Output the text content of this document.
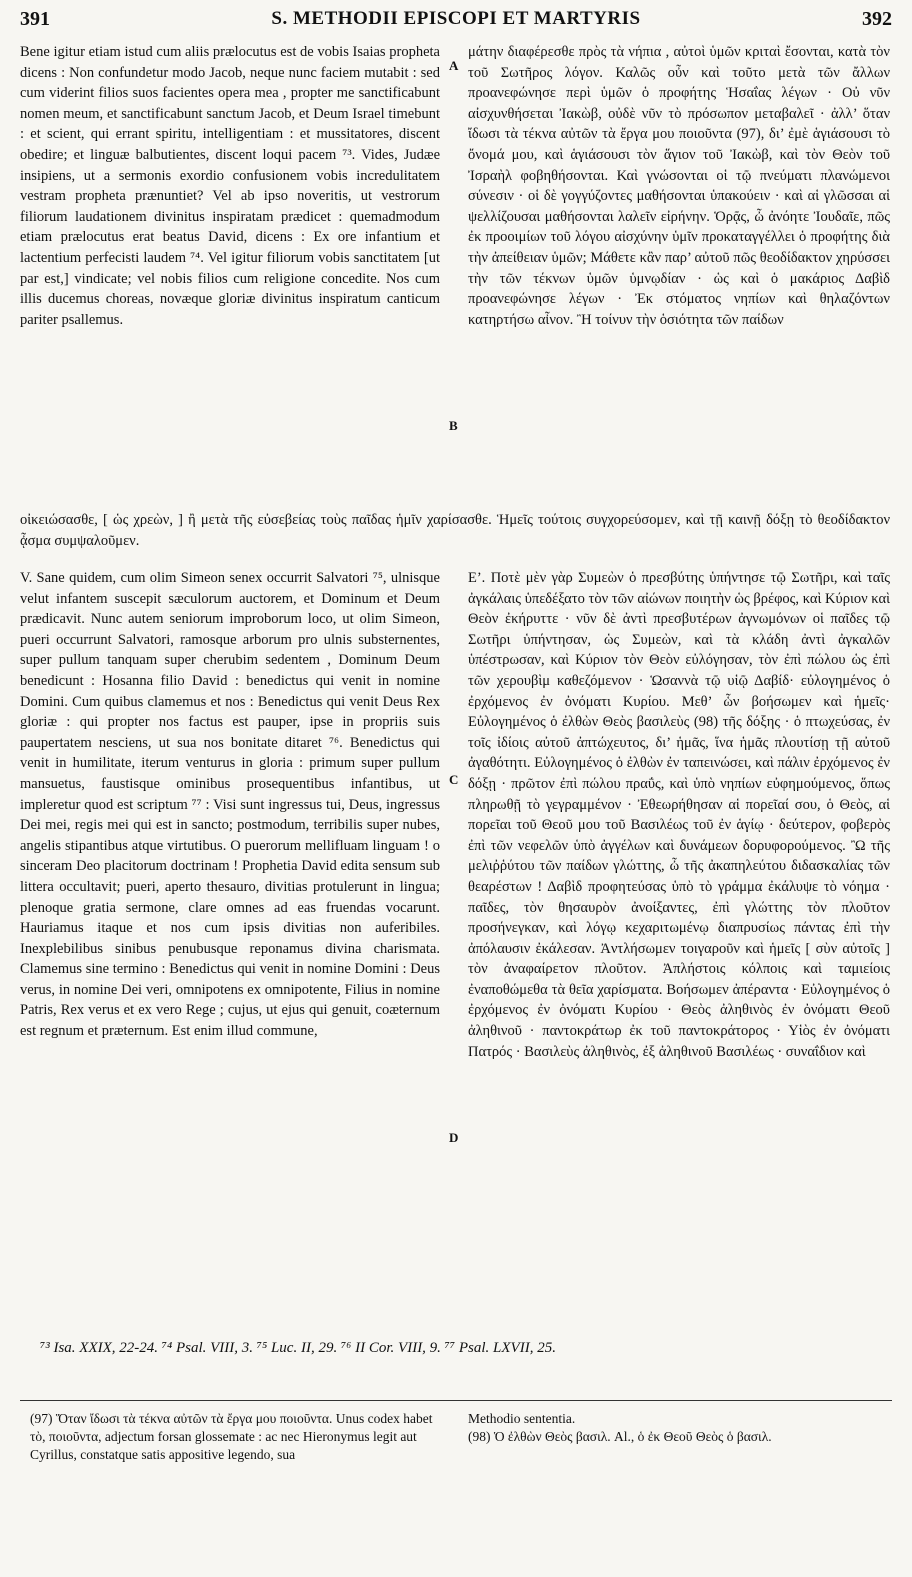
391	S. METHODII EPISCOPI ET MARTYRIS	392
Bene igitur etiam istud cum aliis prælocutus est de vobis Isaias propheta dicens : Non confundetur modo Jacob, neque nunc faciem mutabit : sed cum viderint filios suos facientes opera mea , propter me sanctificabunt nomen meum, et sanctificabunt sanctum Jacob, et Deum Israel timebunt : et scient, qui errant spiritu, intelligentiam : et mussitatores, discent obedire; et linguæ balbutientes, discent loqui pacem ⁷³. Vides, Judæe insipiens, ut a sermonis exordio confusionem vobis incredulitatem vestram propheta prænuntiet? Vel ab ipso noveritis, ut vestrorum filiorum laudationem divinitus inspiratam prædicet : quemadmodum etiam prælocutus erat beatus David, dicens : Ex ore infantium et lactentium perfecisti laudem ⁷⁴. Vel igitur filiorum vobis sanctitatem [ut par est,] vindicate; vel nobis filios cum religione concedite. Nos cum illis ducemus choreas, novæque gloriæ divinitus inspiratum canticum pariter psallemus.
μάτην διαφέρεσθε πρὸς τὰ νήπια , αὐτοὶ ὑμῶν κριταὶ ἔσονται, κατὰ τὸν τοῦ Σωτῆρος λόγον. Καλῶς οὖν καὶ τοῦτο μετὰ τῶν ἄλλων προανεφώνησε περὶ ὑμῶν ὁ προφήτης Ἡσαΐας λέγων · Οὐ νῦν αἰσχυνθήσεται Ἰακὼβ, οὐδὲ νῦν τὸ πρόσωπον μεταβαλεῖ · ἀλλ’ ὅταν ἴδωσι τὰ τέκνα αὐτῶν τὰ ἔργα μου ποιοῦντα (97), δι’ ἐμὲ ἁγιάσουσι τὸ ὄνομά μου, καὶ ἁγιάσουσι τὸν ἅγιον τοῦ Ἰακὼβ, καὶ τὸν Θεὸν τοῦ Ἰσραὴλ φοβηθήσονται. Καὶ γνώσονται οἱ τῷ πνεύματι πλανώμενοι σύνεσιν · οἱ δὲ γογγύζοντες μαθήσονται ὑπακούειν · καὶ αἱ γλῶσσαι αἱ ψελλίζουσαι μαθήσονται λαλεῖν εἰρήνην. Ὁρᾷς, ὦ ἀνόητε Ἰουδαῖε, πῶς ἐκ προοιμίων τοῦ λόγου αἰσχύνην ὑμῖν προκαταγγέλλει ὁ προφήτης διὰ τὴν ἀπείθειαν ὑμῶν; Μάθετε κἂν παρ’ αὐτοῦ πῶς θεοδίδακτον χηρύσσει τὴν τῶν τέκνων ὑμῶν ὑμνῳδίαν · ὡς καὶ ὁ μακάριος Δαβὶδ προανεφώνησε λέγων · Ἐκ στόματος νηπίων καὶ θηλαζόντων κατηρτήσω αἶνον. Ἢ τοίνυν τὴν ὁσιότητα τῶν παίδων
οἰκειώσασθε, [ ὡς χρεὼν, ] ἢ μετὰ τῆς εὐσεβείας τοὺς παῖδας ἡμῖν χαρίσασθε. Ἡμεῖς τούτοις συγχορεύσομεν, καὶ τῇ καινῇ δόξῃ τὸ θεοδίδακτον ᾆσμα συμψαλοῦμεν.
V. Sane quidem, cum olim Simeon senex occurrit Salvatori ⁷⁵, ulnisque velut infantem suscepit sæculorum auctorem, et Dominum et Deum prædicavit. Nunc autem seniorum improborum loco, ut olim Simeon, pueri occurrunt Salvatori, ramosque arborum pro ulnis substernentes, super pullum tanquam super cherubim sedentem , Dominum Deum benedicunt : Hosanna filio David : benedictus qui venit in nomine Domini. Cum quibus clamemus et nos : Benedictus qui venit Deus Rex gloriæ : qui propter nos factus est pauper, ipse in propriis suis paupertatem nesciens, ut sua nos bonitate ditaret ⁷⁶. Benedictus qui venit in humilitate, iterum venturus in gloria : primum super pullum mansuetus, faustisque ominibus prosequentibus infantibus, ut impleretur quod est scriptum ⁷⁷ : Visi sunt ingressus tui, Deus, ingressus Dei mei, regis mei qui est in sancto; postmodum, terribilis super nubes, angelis stipantibus atque virtutibus. O puerorum mellifluam linguam ! o sinceram Deo placitorum doctrinam ! Prophetia David edita sensum sub littera occultavit; pueri, aperto thesauro, divitias protulerunt in lingua; plenoque gratia sermone, clare omnes ad eas fruendas vocarunt. Hauriamus itaque et nos cum ipsis divitias non auferibiles. Inexplebilibus sinibus penubusque reponamus divina charismata. Clamemus sine termino : Benedictus qui venit in nomine Domini : Deus verus, in nomine Dei veri, omnipotens ex omnipotente, Filius in nomine Patris, Rex verus et ex vero Rege ; cujus, ut ejus qui genuit, coæternum est regnum et præternum. Est enim illud commune,
Ε’. Ποτὲ μὲν γὰρ Συμεὼν ὁ πρεσβύτης ὑπήντησε τῷ Σωτῆρι, καὶ ταῖς ἀγκάλαις ὑπεδέξατο τὸν τῶν αἰώνων ποιητὴν ὡς βρέφος, καὶ Κύριον καὶ Θεὸν ἐκήρυττε · νῦν δὲ ἀντὶ πρεσβυτέρων ἀγνωμόνων οἱ παῖδες τῷ Σωτῆρι ὑπήντησαν, ὡς Συμεὼν, καὶ τὰ κλάδη ἀντὶ ἀγκαλῶν ὑπέστρωσαν, καὶ Κύριον τὸν Θεὸν εὐλόγησαν, τὸν ἐπὶ πώλου ὡς ἐπὶ τῶν χερουβὶμ καθεζόμενον · Ὡσαννὰ τῷ υἱῷ Δαβίδ· εὐλογημένος ὁ ἐρχόμενος ἐν ὀνόματι Κυρίου. Μεθ’ ὧν βοήσωμεν καὶ ἡμεῖς· Εὐλογημένος ὁ ἐλθὼν Θεὸς βασιλεὺς (98) τῆς δόξης · ὁ πτωχεύσας, ἐν τοῖς ἰδίοις αὐτοῦ ἀπτώχευτος, δι’ ἡμᾶς, ἵνα ἡμᾶς πλουτίσῃ τῇ αὐτοῦ ἀγαθότητι. Εὐλογημένος ὁ ἐλθὼν ἐν ταπεινώσει, καὶ πάλιν ἐρχόμενος ἐν δόξῃ · πρῶτον ἐπὶ πώλου πραΰς, καὶ ὑπὸ νηπίων εὐφημούμενος, ὅπως πληρωθῇ τὸ γεγραμμένον · Ἐθεωρήθησαν αἱ πορεῖαί σου, ὁ Θεὸς, αἱ πορεῖαι τοῦ Θεοῦ μου τοῦ Βασιλέως τοῦ ἐν ἁγίῳ · δεύτερον, φοβερὸς ἐπὶ τῶν νεφελῶν ὑπὸ ἀγγέλων καὶ δυνάμεων δορυφορούμενος. Ὢ τῆς μελιῤῥύτου τῶν παίδων γλώττης, ὦ τῆς ἀκαπηλεύτου διδασκαλίας τῶν θεαρέστων ! Δαβὶδ προφητεύσας ὑπὸ τὸ γράμμα ἐκάλυψε τὸ νόημα · παῖδες, τὸν θησαυρὸν ἀνοίξαντες, ἐπὶ γλώττης τὸν πλοῦτον προσήνεγκαν, καὶ λόγῳ κεχαριτωμένῳ διαπρυσίως πάντας ἐπὶ τὴν ἀπόλαυσιν ἐκάλεσαν. Ἀντλήσωμεν τοιγαροῦν καὶ ἡμεῖς [ σὺν αὐτοῖς ] τὸν ἀναφαίρετον πλοῦτον. Ἀπλήστοις κόλποις καὶ ταμιείοις ἐναποθώμεθα τὰ θεῖα χαρίσματα. Βοήσωμεν ἀπέραντα · Εὐλογημένος ὁ ἐρχόμενος ἐν ὀνόματι Κυρίου · Θεὸς ἀληθινὸς ἐν ὀνόματι Θεοῦ ἀληθινοῦ · παντοκράτωρ ἐκ τοῦ παντοκράτορος · Υἱὸς ἐν ὀνόματι Πατρός · Βασιλεὺς ἀληθινὸς, ἐξ ἀληθινοῦ Βασιλέως · συναΐδιον καὶ
A
B
C
D
⁷³ Isa. XXIX, 22-24. ⁷⁴ Psal. VIII, 3. ⁷⁵ Luc. II, 29. ⁷⁶ II Cor. VIII, 9. ⁷⁷ Psal. LXVII, 25.
(97) Ὅταν ἴδωσι τὰ τέκνα αὐτῶν τὰ ἔργα μου ποιοῦντα. Unus codex habet τὸ, ποιοῦντα, adjectum forsan glossemate : ac nec Hieronymus legit aut Cyrillus, constatque satis appositive legendo, sua
Methodio sententia.
(98) Ὁ ἐλθὼν Θεὸς βασιλ. Al., ὁ ἐκ Θεοῦ Θεὸς ὁ βασιλ.
